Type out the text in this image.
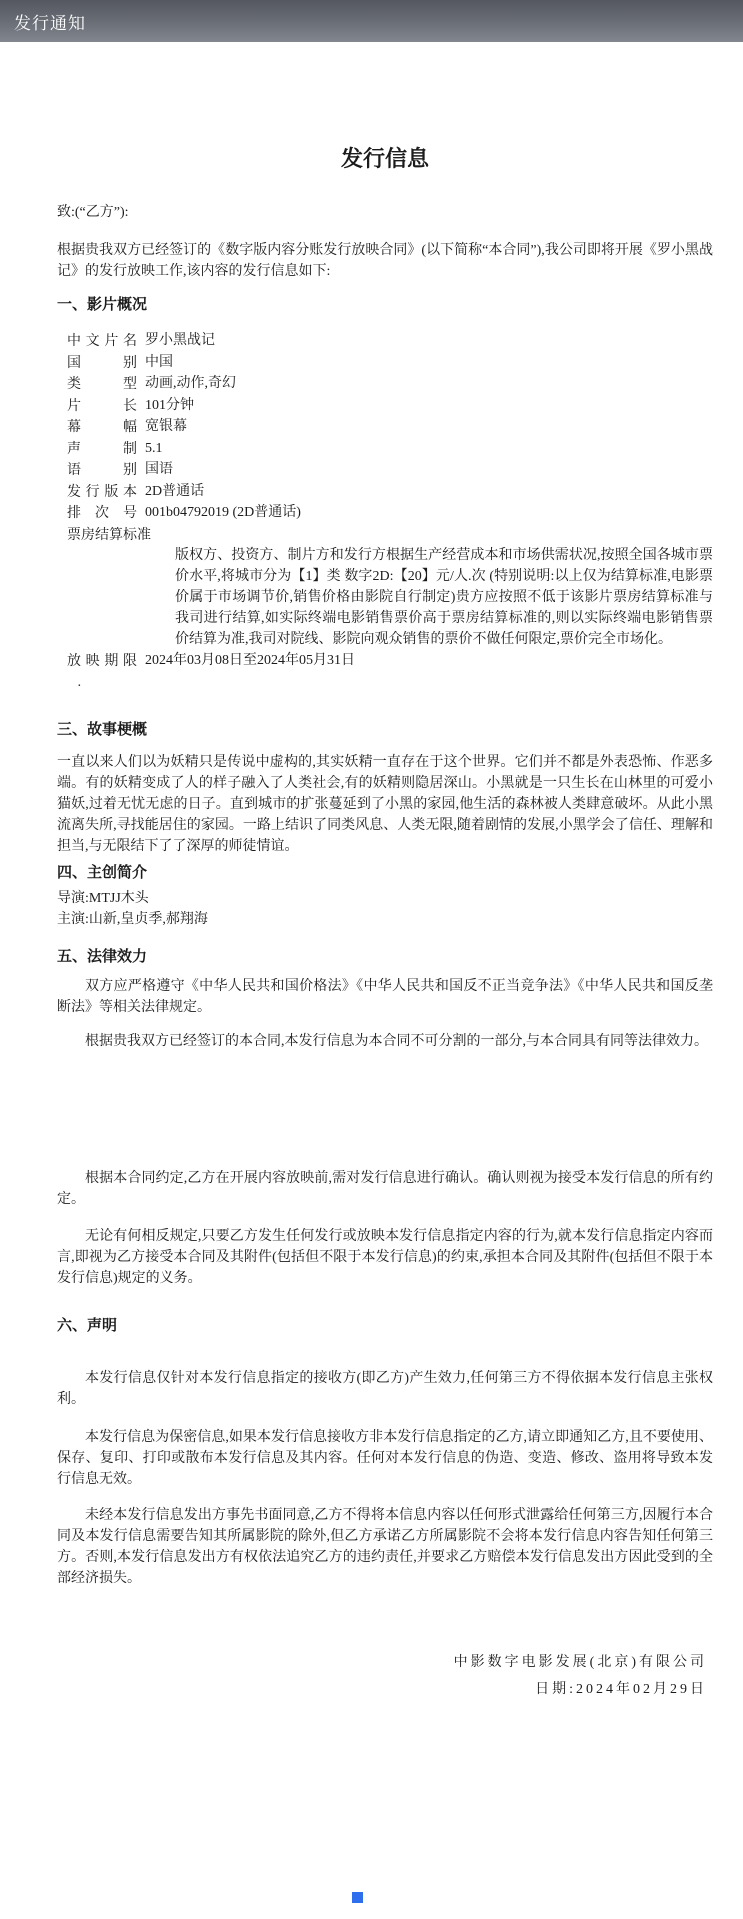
发行通知
发行信息

致:(“乙方”):

根据贵我双方已经签订的《数字版内容分账发行放映合同》(以下简称“本合同”),我公司即将开展《罗小黑战记》的发行放映工作,该内容的发行信息如下:

一、影片概况
中 文 片 名 罗小黑战记
国 别 中国
类 型 动画,动作,奇幻
片 长 101分钟
幕 幅 宽银幕
声 制 5.1
语 别 国语
发 行 版 本 2D普通话
排 次 号 001b04792019 (2D普通话)
票房结算标准
版权方、投资方、制片方和发行方根据生产经营成本和市场供需状况,按照全国各城市票价水平,将城市分为【1】类 数字2D:【20】元/人.次 (特别说明:以上仅为结算标准,电影票价属于市场调节价,销售价格由影院自行制定)贵方应按照不低于该影片票房结算标准与我司进行结算,如实际终端电影销售票价高于票房结算标准的,则以实际终端电影销售票价结算为准,我司对院线、影院向观众销售的票价不做任何限定,票价完全市场化。
放 映 期 限 2024年03月08日至2024年05月31日
·
三、故事梗概

一直以来人们以为妖精只是传说中虚构的,其实妖精一直存在于这个世界。它们并不都是外表恐怖、作恶多端。有的妖精变成了人的样子融入了人类社会,有的妖精则隐居深山。小黑就是一只生长在山林里的可爱小猫妖,过着无忧无虑的日子。直到城市的扩张蔓延到了小黑的家园,他生活的森林被人类肆意破坏。从此小黑流离失所,寻找能居住的家园。一路上结识了同类风息、人类无限,随着剧情的发展,小黑学会了信任、理解和担当,与无限结下了了深厚的师徒情谊。

四、主创简介

导演:MTJJ木头

主演:山新,皇贞季,郝翔海

五、法律效力

双方应严格遵守《中华人民共和国价格法》《中华人民共和国反不正当竞争法》《中华人民共和国反垄断法》等相关法律规定。

根据贵我双方已经签订的本合同,本发行信息为本合同不可分割的一部分,与本合同具有同等法律效力。

根据本合同约定,乙方在开展内容放映前,需对发行信息进行确认。确认则视为接受本发行信息的所有约定。

无论有何相反规定,只要乙方发生任何发行或放映本发行信息指定内容的行为,就本发行信息指定内容而言,即视为乙方接受本合同及其附件(包括但不限于本发行信息)的约束,承担本合同及其附件(包括但不限于本发行信息)规定的义务。

六、声明

本发行信息仅针对本发行信息指定的接收方(即乙方)产生效力,任何第三方不得依据本发行信息主张权利。

本发行信息为保密信息,如果本发行信息接收方非本发行信息指定的乙方,请立即通知乙方,且不要使用、保存、复印、打印或散布本发行信息及其内容。任何对本发行信息的伪造、变造、修改、盗用将导致本发行信息无效。

未经本发行信息发出方事先书面同意,乙方不得将本信息内容以任何形式泄露给任何第三方,因履行本合同及本发行信息需要告知其所属影院的除外,但乙方承诺乙方所属影院不会将本发行信息内容告知任何第三方。否则,本发行信息发出方有权依法追究乙方的违约责任,并要求乙方赔偿本发行信息发出方因此受到的全部经济损失。

中影数字电影发展(北京)有限公司
日期:2024年02月29日
